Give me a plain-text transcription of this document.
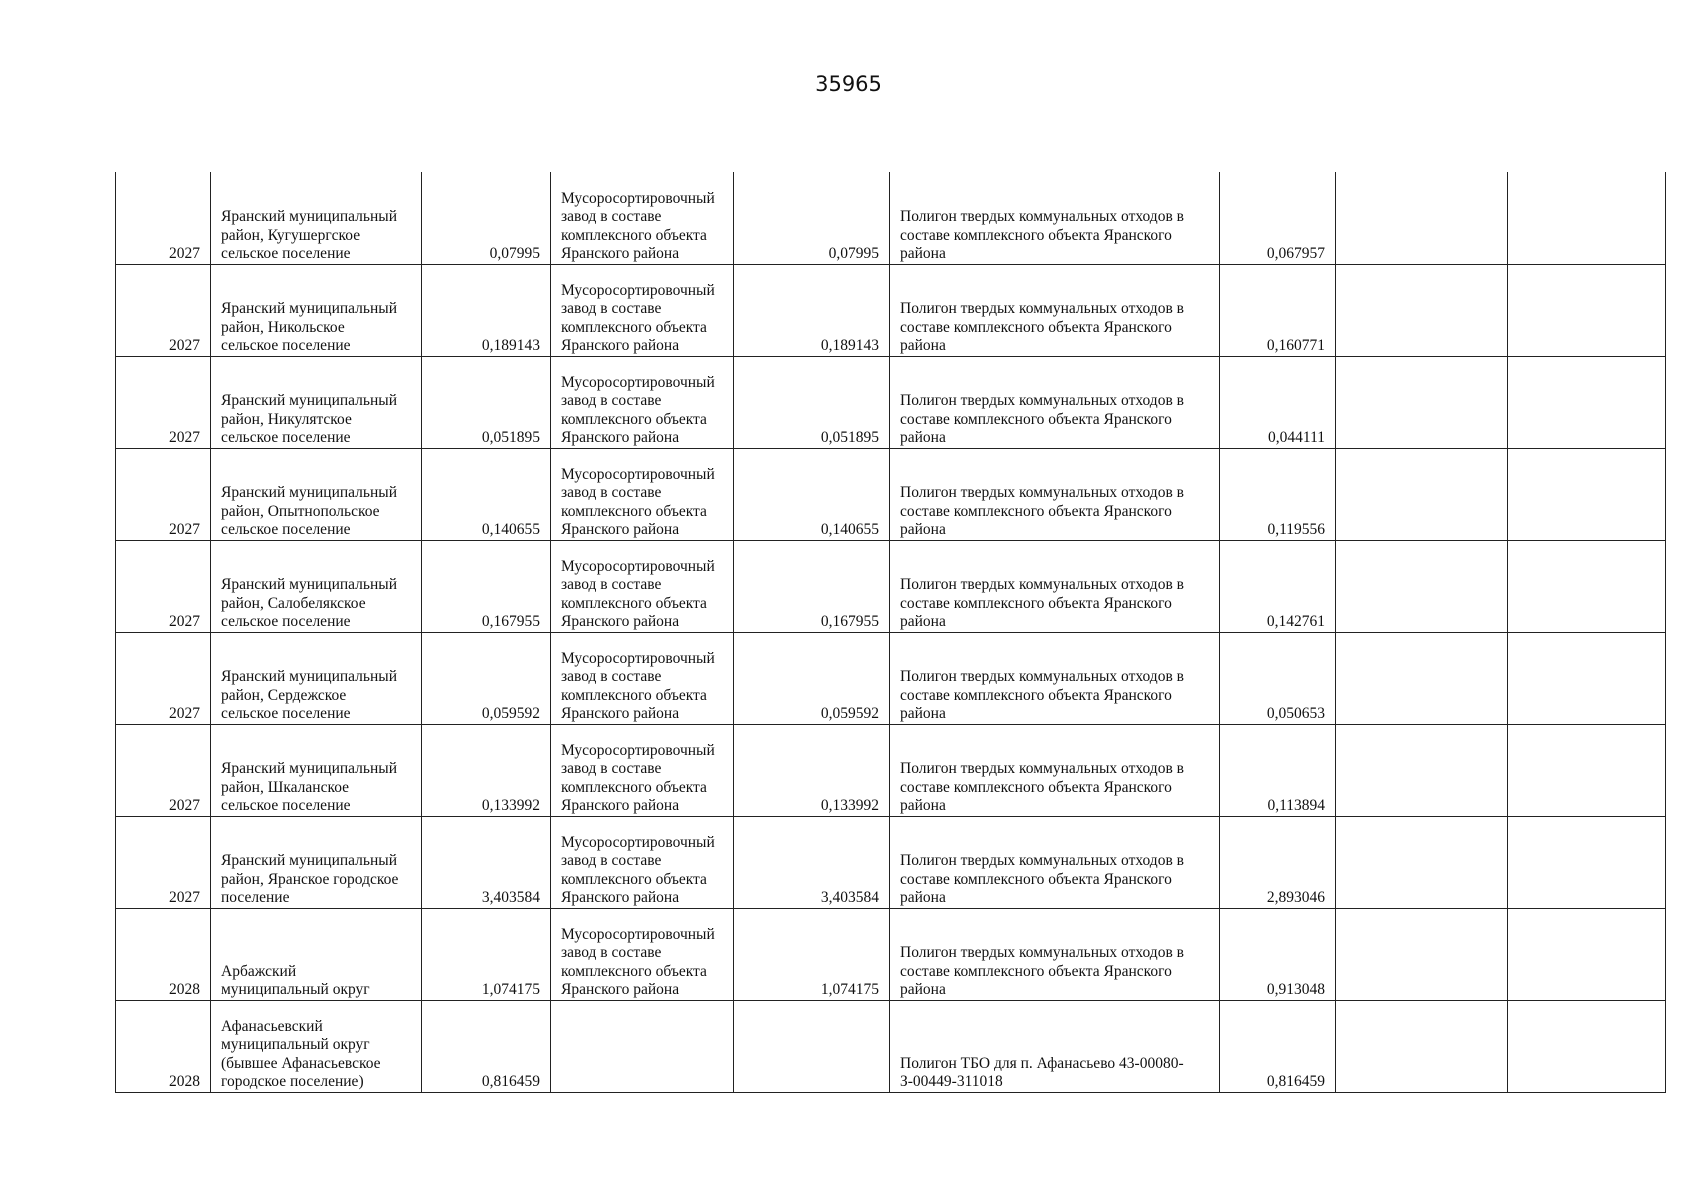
35965
2027	Яранский муниципальный
район, Кугушергское
сельское поселение	0,07995	Мусоросортировочный
завод в составе
комплексного объекта
Яранского района	0,07995	Полигон твердых коммунальных отходов в
составе комплексного объекта Яранского
района	0,067957		

2027	Яранский муниципальный
район, Никольское
сельское поселение	0,189143	Мусоросортировочный
завод в составе
комплексного объекта
Яранского района	0,189143	Полигон твердых коммунальных отходов в
составе комплексного объекта Яранского
района	0,160771		

2027	Яранский муниципальный
район, Никулятское
сельское поселение	0,051895	Мусоросортировочный
завод в составе
комплексного объекта
Яранского района	0,051895	Полигон твердых коммунальных отходов в
составе комплексного объекта Яранского
района	0,044111		

2027	Яранский муниципальный
район, Опытнопольское
сельское поселение	0,140655	Мусоросортировочный
завод в составе
комплексного объекта
Яранского района	0,140655	Полигон твердых коммунальных отходов в
составе комплексного объекта Яранского
района	0,119556		

2027	Яранский муниципальный
район, Салобелякское
сельское поселение	0,167955	Мусоросортировочный
завод в составе
комплексного объекта
Яранского района	0,167955	Полигон твердых коммунальных отходов в
составе комплексного объекта Яранского
района	0,142761		

2027	Яранский муниципальный
район, Сердежское
сельское поселение	0,059592	Мусоросортировочный
завод в составе
комплексного объекта
Яранского района	0,059592	Полигон твердых коммунальных отходов в
составе комплексного объекта Яранского
района	0,050653		

2027	Яранский муниципальный
район, Шкаланское
сельское поселение	0,133992	Мусоросортировочный
завод в составе
комплексного объекта
Яранского района	0,133992	Полигон твердых коммунальных отходов в
составе комплексного объекта Яранского
района	0,113894		

2027	Яранский муниципальный
район, Яранское городское
поселение	3,403584	Мусоросортировочный
завод в составе
комплексного объекта
Яранского района	3,403584	Полигон твердых коммунальных отходов в
составе комплексного объекта Яранского
района	2,893046		

2028	Арбажский
муниципальный округ	1,074175	Мусоросортировочный
завод в составе
комплексного объекта
Яранского района	1,074175	Полигон твердых коммунальных отходов в
составе комплексного объекта Яранского
района	0,913048		

2028	Афанасьевский
муниципальный округ
(бывшее Афанасьевское
городское поселение)	0,816459			Полигон ТБО для п. Афанасьево 43-00080-
З-00449-311018	0,816459		
